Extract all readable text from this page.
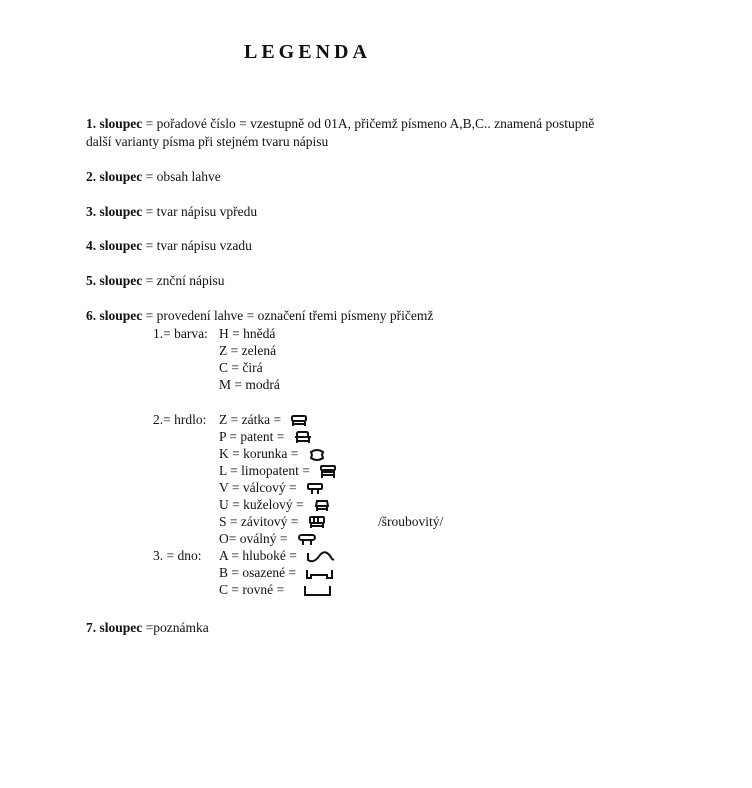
LEGENDA
1. sloupec = pořadové číslo = vzestupně od 01A, přičemž písmeno A,B,C.. znamená postupně
další varianty písma při stejném tvaru nápisu
2. sloupec = obsah lahve
3. sloupec = tvar nápisu vpředu
4. sloupec = tvar nápisu vzadu
5. sloupec = znční nápisu
6. sloupec = provedení lahve = označení třemi písmeny přičemž
1.= barva: H = hnědá
Z = zelená
C = čirá
M = modrá
2.= hrdlo: Z = zátka =
P = patent =
K = korunka =
L = limopatent =
V = válcový =
U = kuželový =
S = závitový =	/šroubovitý/
O= oválný =
3. = dno: A = hluboké =
B = osazené =
C = rovné =
7. sloupec =poznámka
